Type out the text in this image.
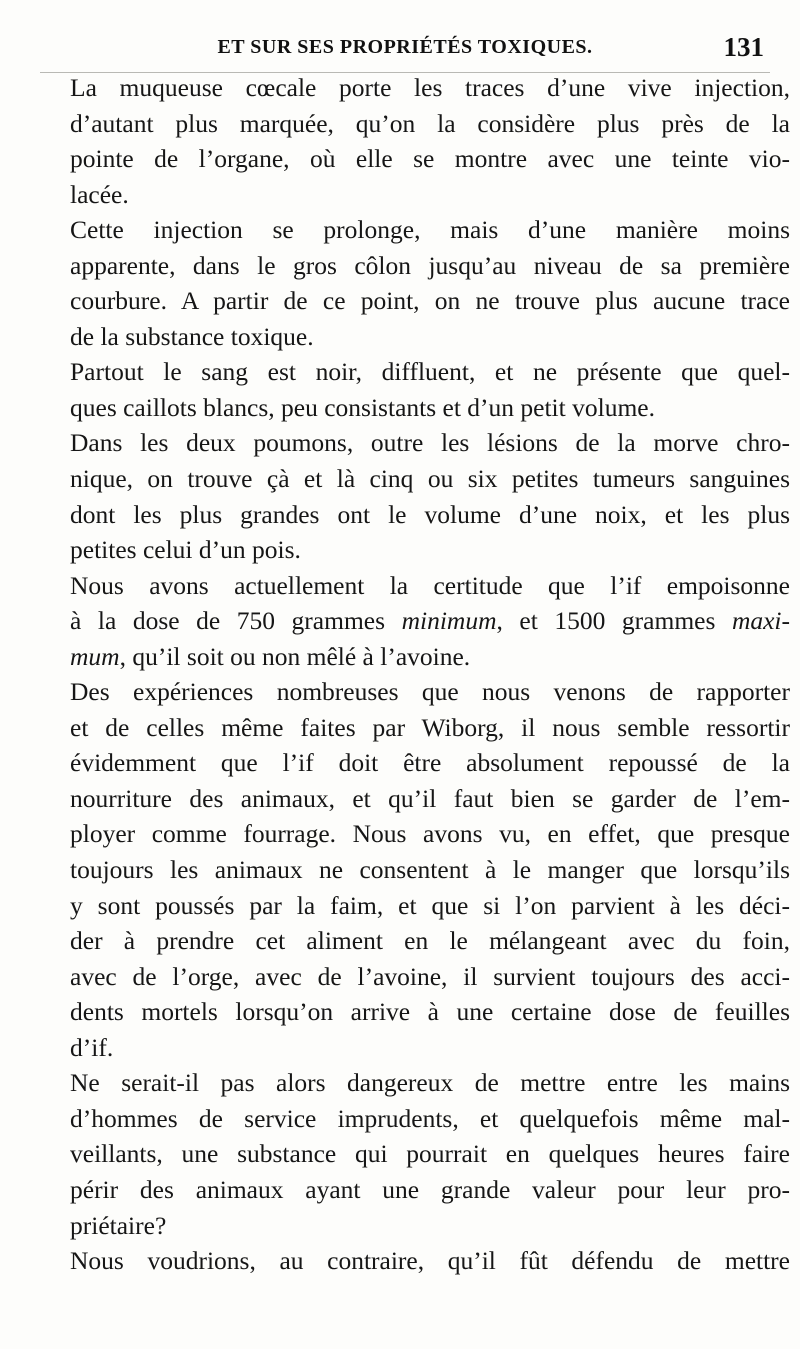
ET SUR SES PROPRIÉTÉS TOXIQUES.	131

La muqueuse cœcale porte les traces d’une vive injection,
d’autant plus marquée, qu’on la considère plus près de la
pointe de l’organe, où elle se montre avec une teinte vio-
lacée.

Cette injection se prolonge, mais d’une manière moins
apparente, dans le gros côlon jusqu’au niveau de sa première
courbure. A partir de ce point, on ne trouve plus aucune trace
de la substance toxique.

Partout le sang est noir, diffluent, et ne présente que quel-
ques caillots blancs, peu consistants et d’un petit volume.

Dans les deux poumons, outre les lésions de la morve chro-
nique, on trouve çà et là cinq ou six petites tumeurs sanguines
dont les plus grandes ont le volume d’une noix, et les plus
petites celui d’un pois.

Nous avons actuellement la certitude que l’if empoisonne
à la dose de 750 grammes minimum, et 1500 grammes maxi-
mum, qu’il soit ou non mêlé à l’avoine.

Des expériences nombreuses que nous venons de rapporter
et de celles même faites par Wiborg, il nous semble ressortir
évidemment que l’if doit être absolument repoussé de la
nourriture des animaux, et qu’il faut bien se garder de l’em-
ployer comme fourrage. Nous avons vu, en effet, que presque
toujours les animaux ne consentent à le manger que lorsqu’ils
y sont poussés par la faim, et que si l’on parvient à les déci-
der à prendre cet aliment en le mélangeant avec du foin,
avec de l’orge, avec de l’avoine, il survient toujours des acci-
dents mortels lorsqu’on arrive à une certaine dose de feuilles
d’if.

Ne serait-il pas alors dangereux de mettre entre les mains
d’hommes de service imprudents, et quelquefois même mal-
veillants, une substance qui pourrait en quelques heures faire
périr des animaux ayant une grande valeur pour leur pro-
priétaire?

Nous voudrions, au contraire, qu’il fût défendu de mettre
